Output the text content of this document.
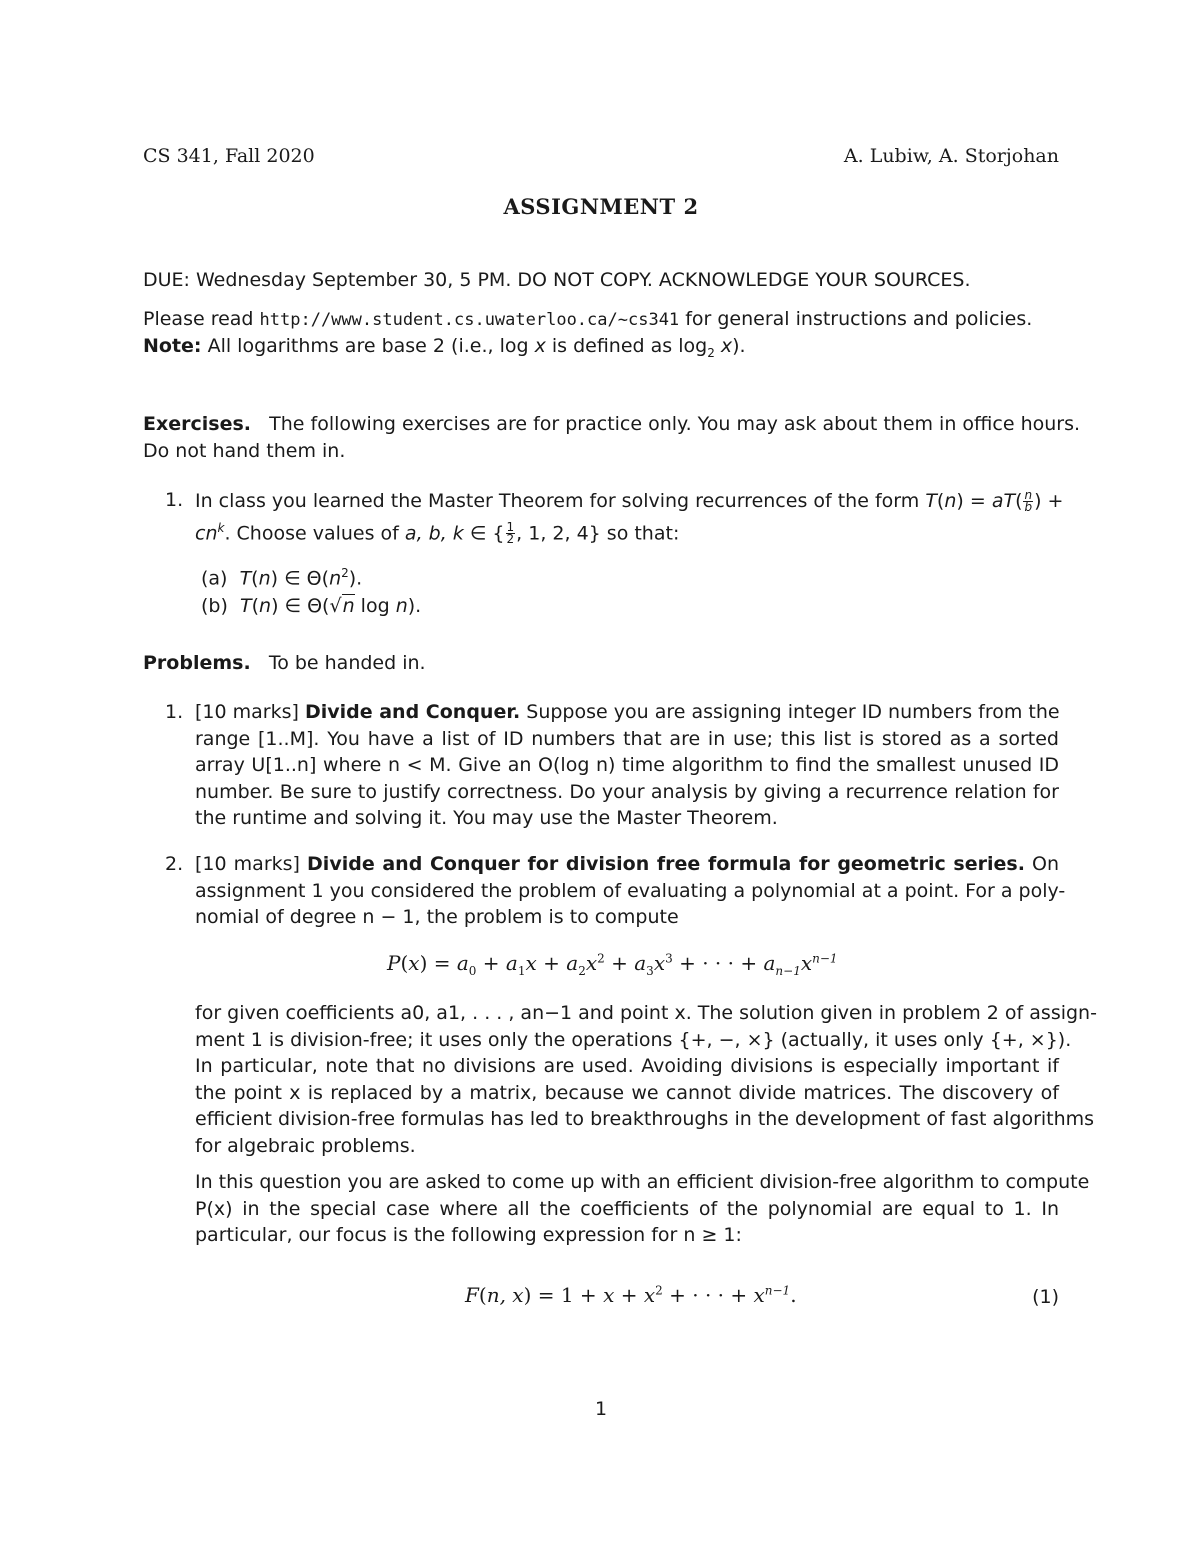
CS 341, Fall 2020	A. Lubiw, A. Storjohan
ASSIGNMENT 2
DUE: Wednesday September 30, 5 PM. DO NOT COPY. ACKNOWLEDGE YOUR SOURCES.
Please read http://www.student.cs.uwaterloo.ca/~cs341 for general instructions and policies.
Note: All logarithms are base 2 (i.e., log x is defined as $\log_2 x$).
Exercises. The following exercises are for practice only. You may ask about them in office hours.
Do not hand them in.
1. In class you learned the Master Theorem for solving recurrences of the form $T(n) = aT( \frac{n}{b}$ ) +
$cn^k$. Choose values of a, b, k ∈ { $\frac{1}{2}$ , 1, 2, 4} so that:
(a) T(n) ∈ $\Theta(n^2)$.
(b) T(n) ∈ Θ(√n log n).
Problems. To be handed in.
1. [10 marks] Divide and Conquer. Suppose you are assigning integer ID numbers from the
range [1..M]. You have a list of ID numbers that are in use; this list is stored as a sorted
array U[1..n] where n < M. Give an O(log n) time algorithm to find the smallest unused ID
number. Be sure to justify correctness. Do your analysis by giving a recurrence relation for
the runtime and solving it. You may use the Master Theorem.
2. [10 marks] Divide and Conquer for division free formula for geometric series. On
assignment 1 you considered the problem of evaluating a polynomial at a point. For a poly-
nomial of degree n − 1, the problem is to compute
$P(x) = a_0 + a_1x + a_2x^2 + a_3x^3$ + · · · + $a_{n-1}x^{n-1}$
for given coefficients a0, a1, . . . , an−1 and point x. The solution given in problem 2 of assign-
ment 1 is division-free; it uses only the operations {+, −, ×} (actually, it uses only {+, ×}).
In particular, note that no divisions are used. Avoiding divisions is especially important if
the point x is replaced by a matrix, because we cannot divide matrices. The discovery of
efficient division-free formulas has led to breakthroughs in the development of fast algorithms
for algebraic problems.
In this question you are asked to come up with an efficient division-free algorithm to compute
P(x) in the special case where all the coefficients of the polynomial are equal to 1. In
particular, our focus is the following expression for n ≥ 1:
F(n, $x) = 1 + x + x^2$ + · · · + $x^{n-1}$.	(1)
1
